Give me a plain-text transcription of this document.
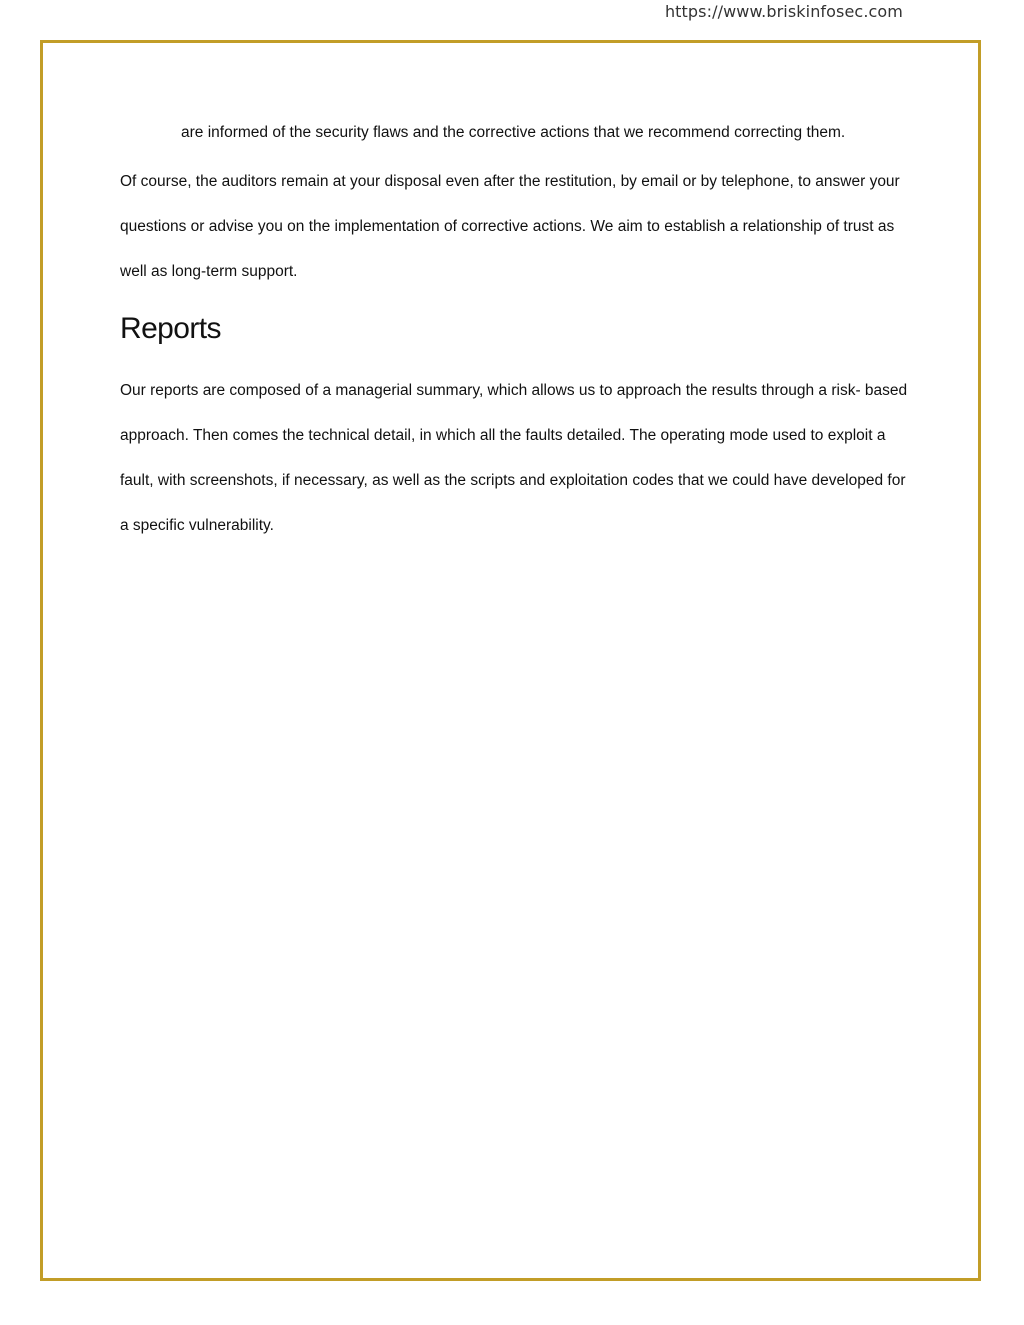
https://www.briskinfosec.com

are informed of the security flaws and the corrective actions that we recommend correcting them.

Of course, the auditors remain at your disposal even after the restitution, by email or by telephone, to answer your questions or advise you on the implementation of corrective actions. We aim to establish a relationship of trust as well as long-term support.

Reports

Our reports are composed of a managerial summary, which allows us to approach the results through a risk- based approach. Then comes the technical detail, in which all the faults detailed. The operating mode used to exploit a fault, with screenshots, if necessary, as well as the scripts and exploitation codes that we could have developed for a specific vulnerability.
